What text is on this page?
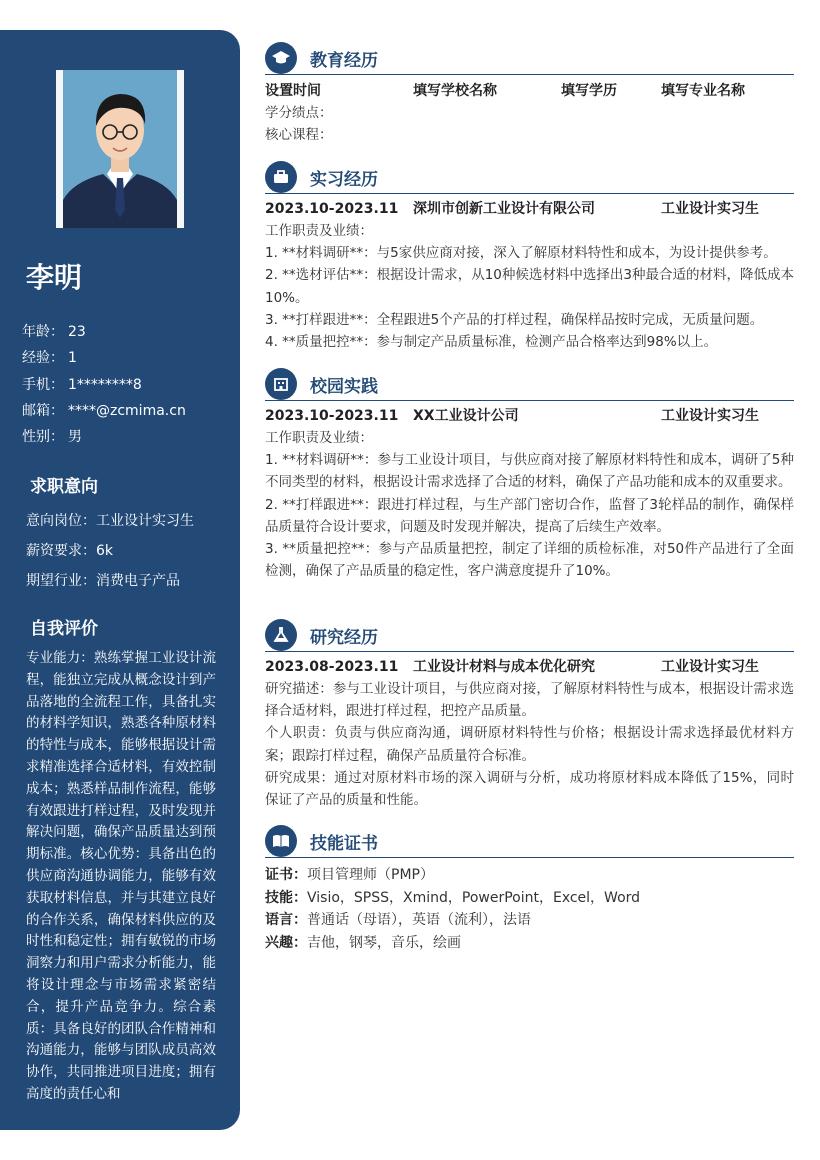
李明
年龄： 23
经验： 1
手机： 1********8
邮箱： ****@zcmima.cn
性别： 男
求职意向
意向岗位：工业设计实习生
薪资要求：6k
期望行业：消费电子产品
自我评价
专业能力：熟练掌握工业设计流程，能独立完成从概念设计到产品落地的全流程工作，具备扎实的材料学知识，熟悉各种原材料的特性与成本，能够根据设计需求精准选择合适材料，有效控制成本；熟悉样品制作流程，能够有效跟进打样过程，及时发现并解决问题，确保产品质量达到预期标准。核心优势：具备出色的供应商沟通协调能力，能够有效获取材料信息，并与其建立良好的合作关系，确保材料供应的及时性和稳定性；拥有敏锐的市场洞察力和用户需求分析能力，能将设计理念与市场需求紧密结合，提升产品竞争力。综合素质：具备良好的团队合作精神和沟通能力，能够与团队成员高效协作，共同推进项目进度；拥有高度的责任心和
教育经历
设置时间	填写学校名称	填写学历	填写专业名称
学分绩点：
核心课程：
实习经历
2023.10-2023.11	深圳市创新工业设计有限公司	工业设计实习生
工作职责及业绩：
1. **材料调研**：与5家供应商对接，深入了解原材料特性和成本，为设计提供参考。
2. **选材评估**：根据设计需求，从10种候选材料中选择出3种最合适的材料，降低成本10%。
3. **打样跟进**：全程跟进5个产品的打样过程，确保样品按时完成，无质量问题。
4. **质量把控**：参与制定产品质量标准，检测产品合格率达到98%以上。
校园实践
2023.10-2023.11	XX工业设计公司	工业设计实习生
工作职责及业绩：
1. **材料调研**：参与工业设计项目，与供应商对接了解原材料特性和成本，调研了5种不同类型的材料，根据设计需求选择了合适的材料，确保了产品功能和成本的双重要求。
2. **打样跟进**：跟进打样过程，与生产部门密切合作，监督了3轮样品的制作，确保样品质量符合设计要求，问题及时发现并解决，提高了后续生产效率。
3. **质量把控**：参与产品质量把控，制定了详细的质检标准，对50件产品进行了全面检测，确保了产品质量的稳定性，客户满意度提升了10%。
研究经历
2023.08-2023.11	工业设计材料与成本优化研究	工业设计实习生
研究描述：参与工业设计项目，与供应商对接，了解原材料特性与成本，根据设计需求选择合适材料，跟进打样过程，把控产品质量。
个人职责：负责与供应商沟通，调研原材料特性与价格；根据设计需求选择最优材料方案；跟踪打样过程，确保产品质量符合标准。
研究成果：通过对原材料市场的深入调研与分析，成功将原材料成本降低了15%，同时保证了产品的质量和性能。
技能证书
证书：项目管理师（PMP）
技能：Visio，SPSS，Xmind，PowerPoint，Excel，Word
语言：普通话（母语），英语（流利），法语
兴趣：吉他，钢琴，音乐，绘画
